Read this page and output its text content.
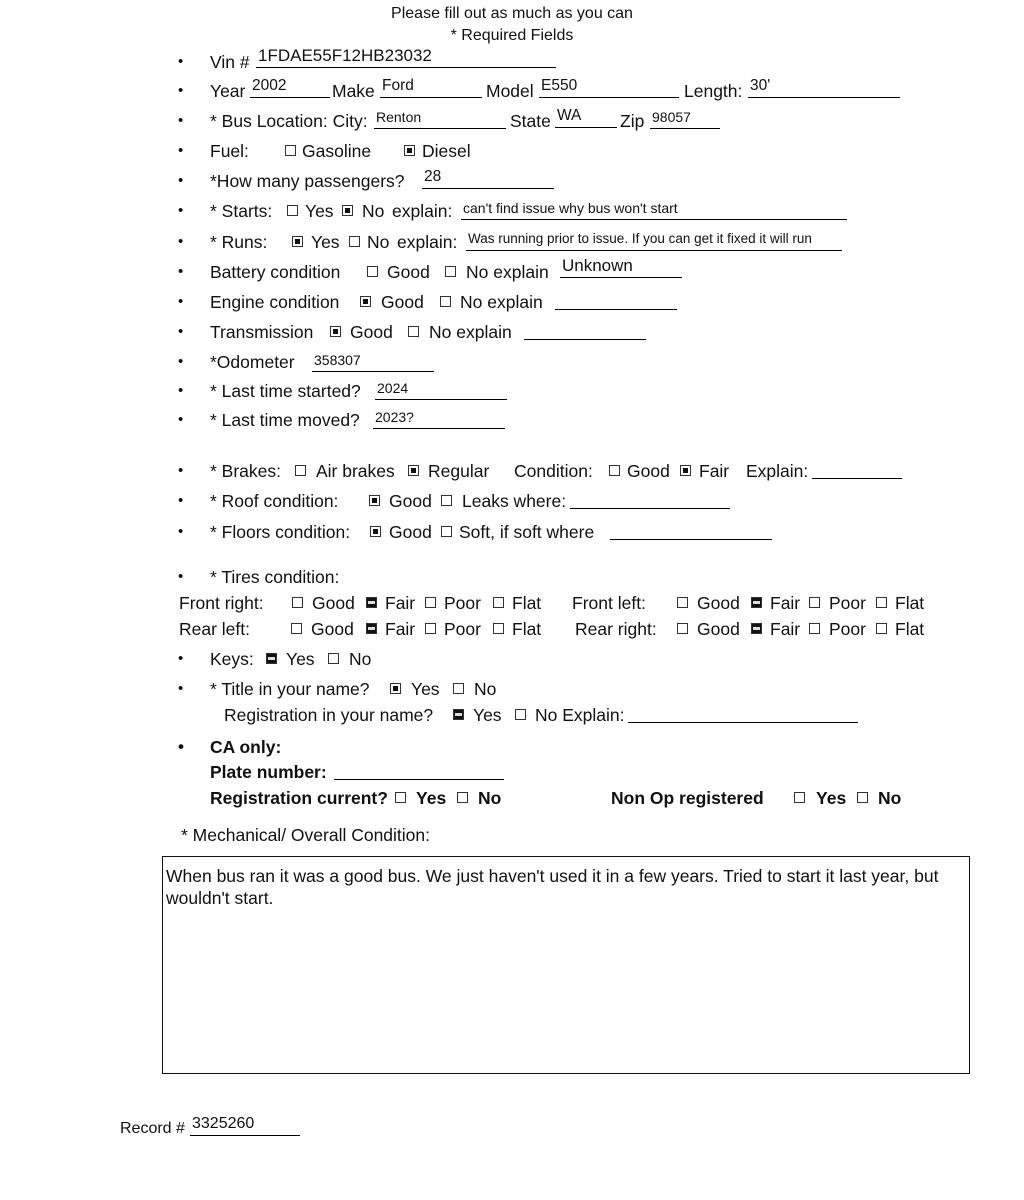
Please fill out as much as you can
* Required Fields
• Vin # 1FDAE55F12HB23032
• Year 2002	Make Ford	Model E550	Length: 30'
• * Bus Location: City: Renton	State WA	Zip 98057
• Fuel:	Gasoline	Diesel
• *How many passengers? 28
• * Starts: Yes No explain: can't find issue why bus won't start
• * Runs: Yes No explain: Was running prior to issue. If you can get it fixed it will run
• Battery condition	Good No explain Unknown
• Engine condition Good No explain
• Transmission Good No explain
• *Odometer 358307
• * Last time started? 2024
• * Last time moved? 2023?
• * Brakes: Air brakes Regular Condition: Good Fair Explain:
• * Roof condition:	Good Leaks where:
• * Floors condition: Good Soft, if soft where
• * Tires condition:
Front right:	Good Fair Poor Flat Front left:	Good Fair Poor Flat
Rear left:	Good Fair Poor Flat Rear right: Good Fair Poor Flat
• Keys: Yes No
• * Title in your name? Yes No
Registration in your name? Yes No Explain:
• CA only:
Plate number:
Registration current? Yes No	Non Op registered	Yes No
* Mechanical/ Overall Condition:
When bus ran it was a good bus. We just haven't used it in a few years. Tried to start it last year, but wouldn't start.
Record # 3325260
